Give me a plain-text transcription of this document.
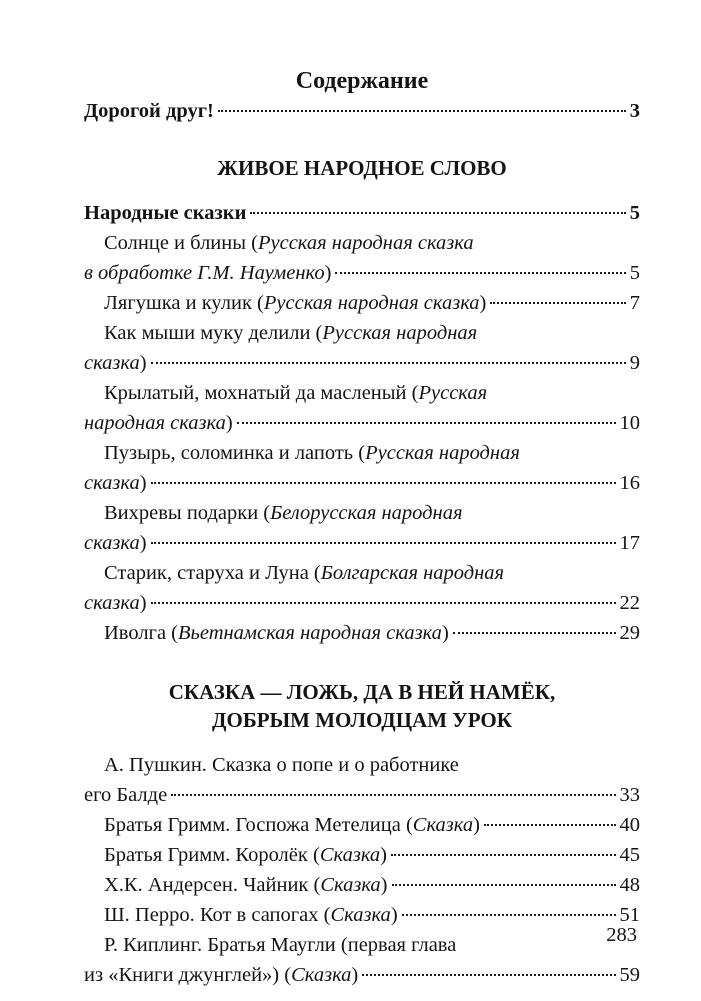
Содержание
Дорогой друг!	3
ЖИВОЕ НАРОДНОЕ СЛОВО
Народные сказки	5
Солнце и блины (Русская народная сказка
в обработке Г.М. Науменко)	5
Лягушка и кулик (Русская народная сказка)	7
Как мыши муку делили (Русская народная
сказка)	9
Крылатый, мохнатый да масленый (Русская
народная сказка)	10
Пузырь, соломинка и лапоть (Русская народная
сказка)	16
Вихревы подарки (Белорусская народная
сказка)	17
Старик, старуха и Луна (Болгарская народная
сказка)	22
Иволга (Вьетнамская народная сказка)	29
СКАЗКА — ЛОЖЬ, ДА В НЕЙ НАМЁК,
ДОБРЫМ МОЛОДЦАМ УРОК
А. Пушкин. Сказка о попе и о работнике
его Балде	33
Братья Гримм. Госпожа Метелица (Сказка)	40
Братья Гримм. Королёк (Сказка)	45
Х.К. Андерсен. Чайник (Сказка)	48
Ш. Перро. Кот в сапогах (Сказка)	51
Р. Киплинг. Братья Маугли (первая глава
из «Книги джунглей») (Сказка)	59
283
